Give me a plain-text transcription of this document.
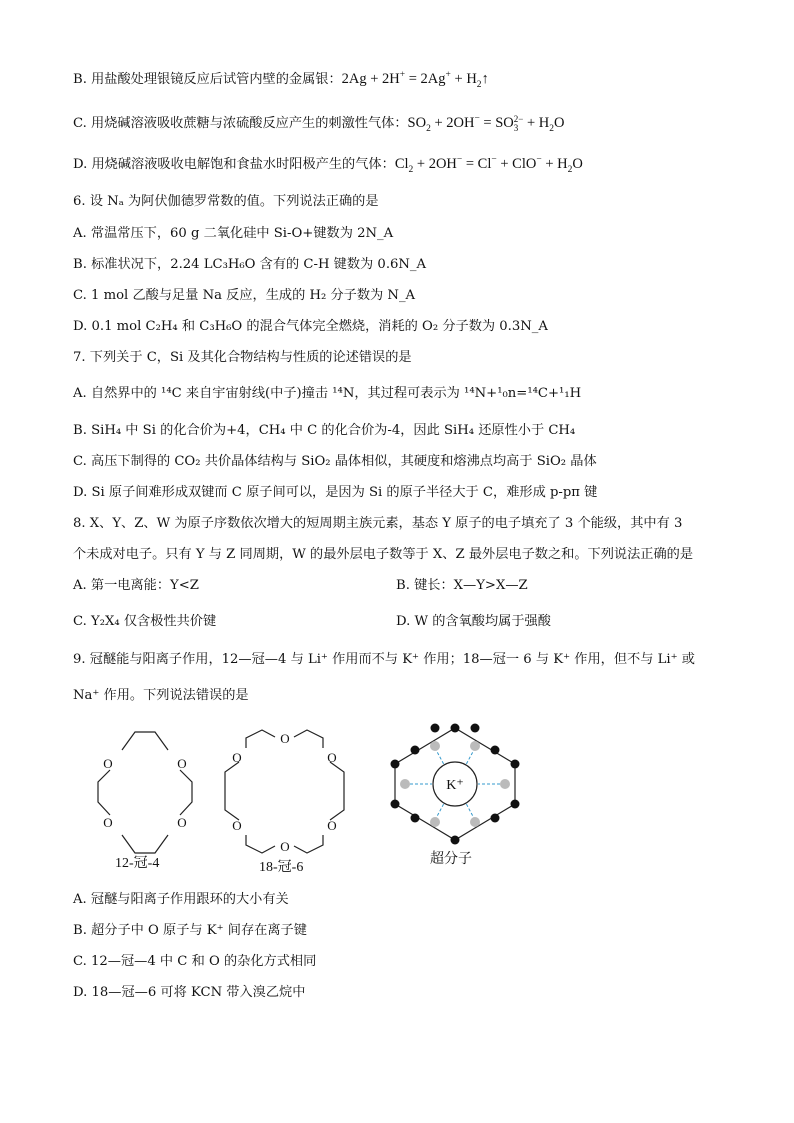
B. 用盐酸处理银镜反应后试管内壁的金属银：$2Ag + 2H^+ = 2Ag^+ + H_2↑$
C. 用烧碱溶液吸收蔗糖与浓硫酸反应产生的刺激性气体：$SO_2 + 2OH^- = SO2-$
$3 + H_2O$
D. 用烧碱溶液吸收电解饱和食盐水时阳极产生的气体：$Cl_2 + 2OH^- = Cl^- + ClO^- + H_2O$
6. 设 Nₐ 为阿伏伽德罗常数的值。下列说法正确的是
A. 常温常压下，60 g 二氧化硅中 Si-O+键数为 2N_A
B. 标准状况下，2.24 LC₃H₆O 含有的 C-H 键数为 0.6N_A
C. 1 mol 乙酸与足量 Na 反应，生成的 H₂ 分子数为 N_A
D. 0.1 mol C₂H₄ 和 C₃H₆O 的混合气体完全燃烧，消耗的 O₂ 分子数为 0.3N_A
7. 下列关于 C，Si 及其化合物结构与性质的论述错误的是
A. 自然界中的 ¹⁴C 来自宇宙射线(中子)撞击 ¹⁴N，其过程可表示为 ¹⁴N+¹₀n=¹⁴C+¹₁H
B. SiH₄ 中 Si 的化合价为+4，CH₄ 中 C 的化合价为-4，因此 SiH₄ 还原性小于 CH₄
C. 高压下制得的 CO₂ 共价晶体结构与 SiO₂ 晶体相似，其硬度和熔沸点均高于 SiO₂ 晶体
D. Si 原子间难形成双键而 C 原子间可以，是因为 Si 的原子半径大于 C，难形成 p-pπ 键
8. X、Y、Z、W 为原子序数依次增大的短周期主族元素，基态 Y 原子的电子填充了 3 个能级，其中有 3
个未成对电子。只有 Y 与 Z 同周期，W 的最外层电子数等于 X、Z 最外层电子数之和。下列说法正确的是
A. 第一电离能：Y<Z	B. 键长：X—Y>X—Z
C. Y₂X₄ 仅含极性共价键	D. W 的含氧酸均属于强酸
9. 冠醚能与阳离子作用，12—冠—4 与 Li⁺ 作用而不与 K⁺ 作用；18—冠一 6 与 K⁺ 作用，但不与 Li⁺ 或
Na⁺ 作用。下列说法错误的是
O	O
O
O
O
O
O
O
O
O
K⁺
12-冠-4	18-冠-6
超分子
A. 冠醚与阳离子作用跟环的大小有关
B. 超分子中 O 原子与 K⁺ 间存在离子键
C. 12—冠—4 中 C 和 O 的杂化方式相同
D. 18—冠—6 可将 KCN 带入溴乙烷中
